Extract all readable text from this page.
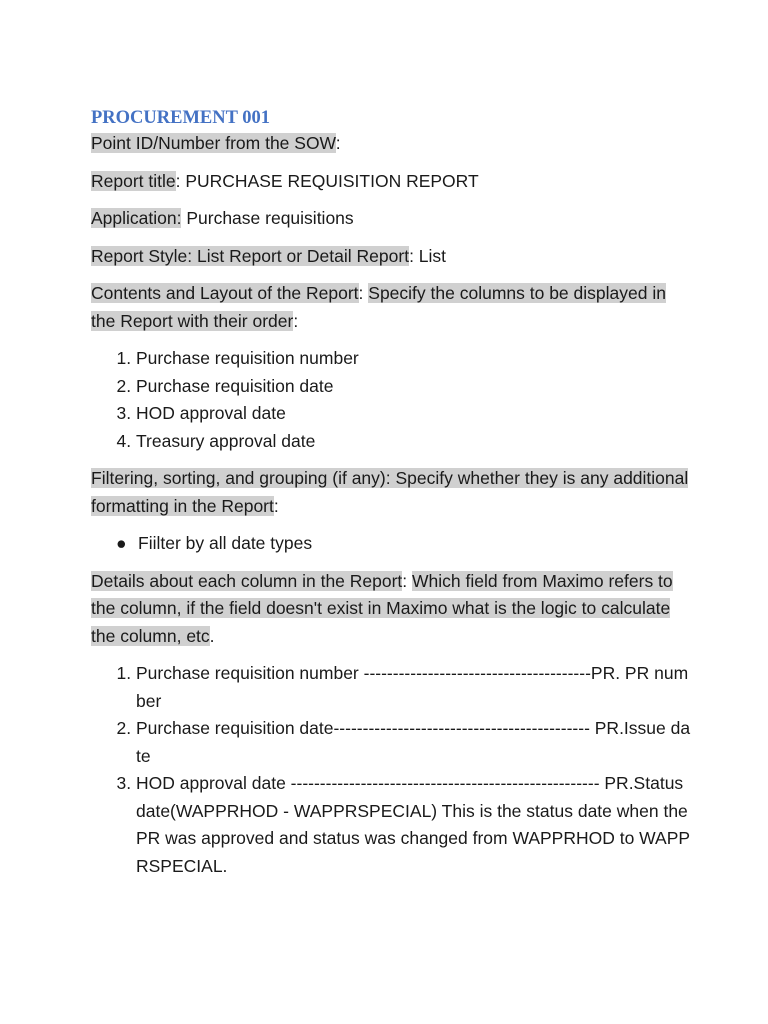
PROCUREMENT 001

Point ID/Number from the SOW:

Report title: PURCHASE REQUISITION REPORT

Application: Purchase requisitions

Report Style: List Report or Detail Report: List

Contents and Layout of the Report: Specify the columns to be displayed in the Report with their order:

1. Purchase requisition number
2. Purchase requisition date
3. HOD approval date
4. Treasury approval date

Filtering, sorting, and grouping (if any): Specify whether they is any additional formatting in the Report:

● Fiilter by all date types

Details about each column in the Report: Which field from Maximo refers to the column, if the field doesn't exist in Maximo what is the logic to calculate the column, etc.

1. Purchase requisition number ---------------------------------------PR. PR number
2. Purchase requisition date-------------------------------------------- PR.Issue date
3. HOD approval date ----------------------------------------------------- PR.Status date(WAPPRHOD - WAPPRSPECIAL) This is the status date when the PR was approved and status was changed from WAPPRHOD to WAPPRSPECIAL.
